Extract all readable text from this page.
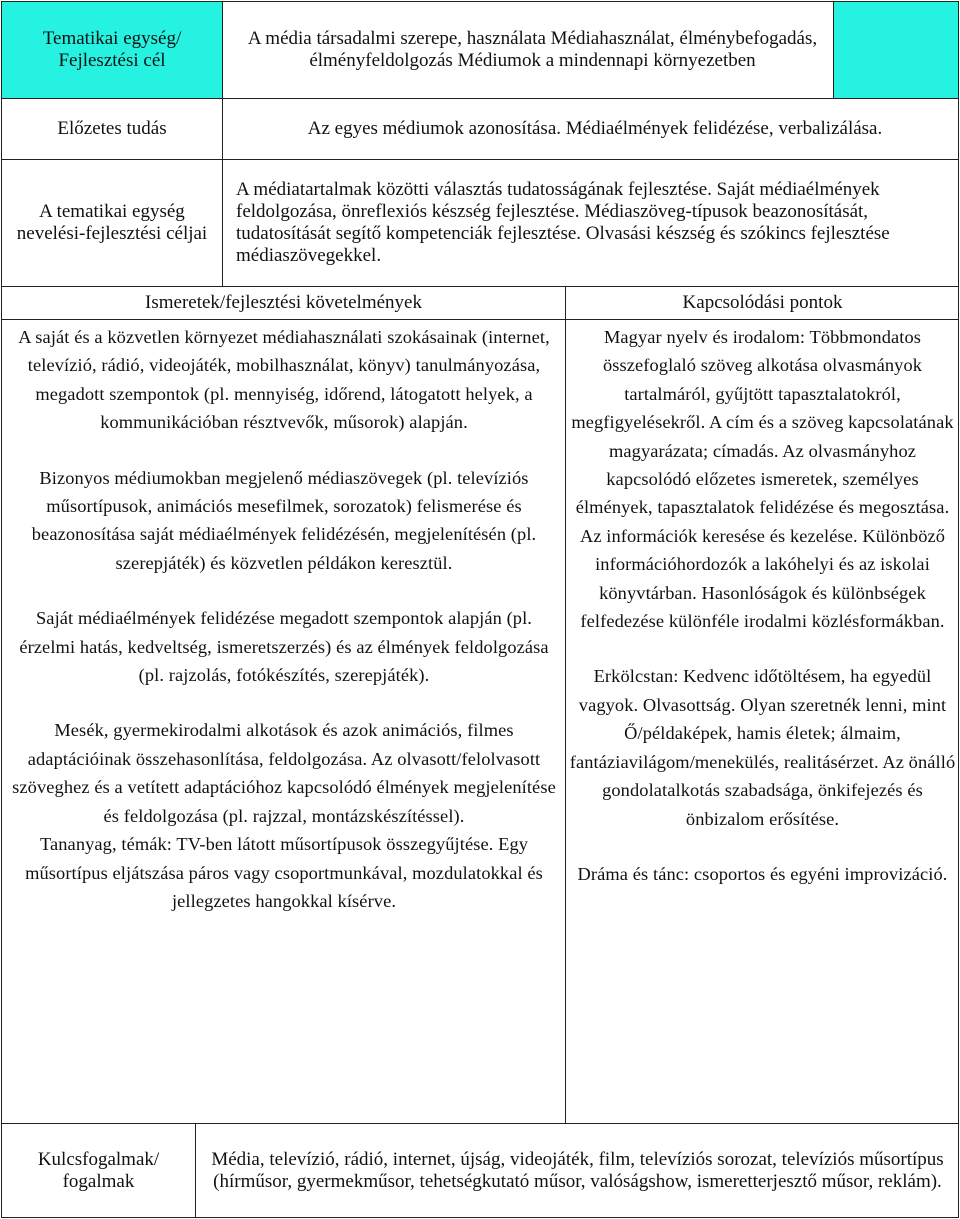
Tematikai egység/ Fejlesztési cél
A média társadalmi szerepe, használata Médiahasználat, élménybefogadás, élményfeldolgozás Médiumok a mindennapi környezetben
Előzetes tudás	Az egyes médiumok azonosítása. Médiaélmények felidézése, verbalizálása.
A tematikai egység nevelési-fejlesztési céljai
A médiatartalmak közötti választás tudatosságának fejlesztése. Saját médiaélmények feldolgozása, önreflexiós készség fejlesztése. Médiaszöveg-típusok beazonosítását, tudatosítását segítő kompetenciák fejlesztése. Olvasási készség és szókincs fejlesztése médiaszövegekkel.
Ismeretek/fejlesztési követelmények	Kapcsolódási pontok

A saját és a közvetlen környezet médiahasználati szokásainak (internet, televízió, rádió, videojáték, mobilhasználat, könyv) tanulmányozása, megadott szempontok (pl. mennyiség, időrend, látogatott helyek, a kommunikációban résztvevők, műsorok) alapján.

Bizonyos médiumokban megjelenő médiaszövegek (pl. televíziós műsortípusok, animációs mesefilmek, sorozatok) felismerése és beazonosítása saját médiaélmények felidézésén, megjelenítésén (pl. szerepjáték) és közvetlen példákon keresztül.

Saját médiaélmények felidézése megadott szempontok alapján (pl. érzelmi hatás, kedveltség, ismeretszerzés) és az élmények feldolgozása (pl. rajzolás, fotókészítés, szerepjáték).

Mesék, gyermekirodalmi alkotások és azok animációs, filmes adaptációinak összehasonlítása, feldolgozása. Az olvasott/felolvasott szöveghez és a vetített adaptációhoz kapcsolódó élmények megjelenítése és feldolgozása (pl. rajzzal, montázskészítéssel).

Tananyag, témák: TV-ben látott műsortípusok összegyűjtése. Egy műsortípus eljátszása páros vagy csoportmunkával, mozdulatokkal és jellegzetes hangokkal kísérve.

Magyar nyelv és irodalom: Többmondatos összefoglaló szöveg alkotása olvasmányok tartalmáról, gyűjtött tapasztalatokról, megfigyelésekről. A cím és a szöveg kapcsolatának magyarázata; címadás. Az olvasmányhoz kapcsolódó előzetes ismeretek, személyes élmények, tapasztalatok felidézése és megosztása. Az információk keresése és kezelése. Különböző információhordozók a lakóhelyi és az iskolai könyvtárban. Hasonlóságok és különbségek felfedezése különféle irodalmi közlésformákban.

Erkölcstan: Kedvenc időtöltésem, ha egyedül vagyok. Olvasottság. Olyan szeretnék lenni, mint Ő/példaképek, hamis életek; álmaim, fantáziavilágom/menekülés, realitásérzet. Az önálló gondolatalkotás szabadsága, önkifejezés és önbizalom erősítése.

Dráma és tánc: csoportos és egyéni improvizáció.

Kulcsfogalmak/ fogalmak
Média, televízió, rádió, internet, újság, videojáték, film, televíziós sorozat, televíziós műsortípus (hírműsor, gyermekműsor, tehetségkutató műsor, valóságshow, ismeretterjesztő műsor, reklám).
